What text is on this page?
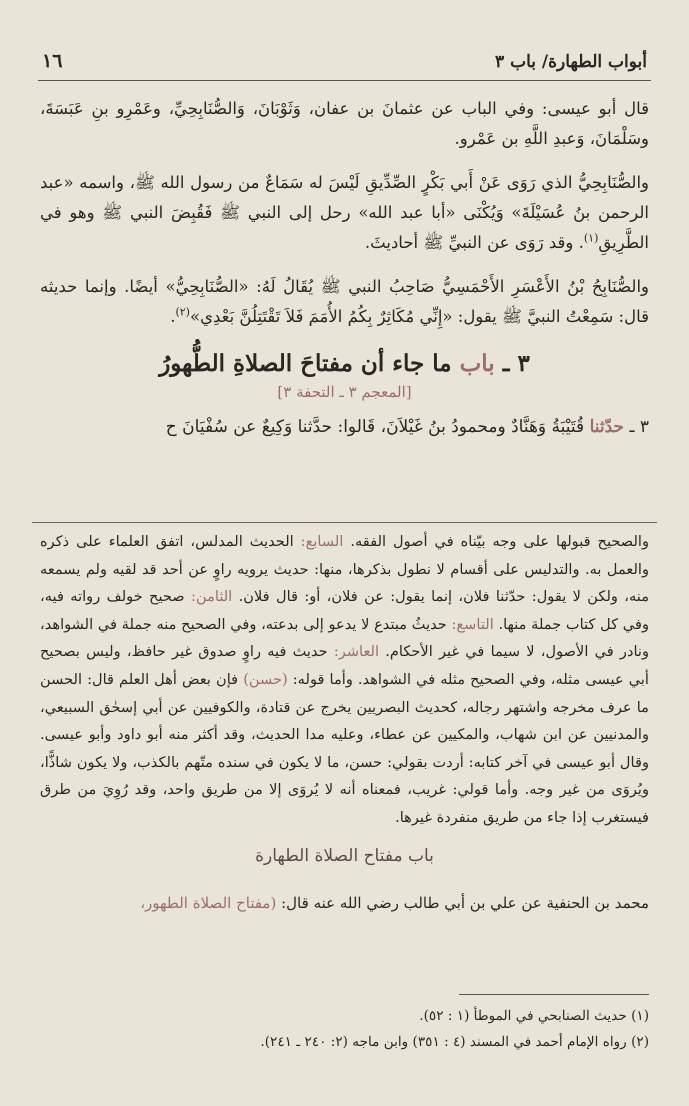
أبواب الطهارة/ باب ٣
١٦

قال أبو عيسى: وفي الباب عن عثمانَ بن عفان، وَثَوْبَانَ، وَالصُّنَابِحِيِّ، وعَمْرِو بنِ عَبَسَةَ، وسَلْمَانَ، وَعبدِ اللَّهِ بن عَمْرو.

والصُّنَابِحِيُّ الذي رَوَى عَنْ أَبي بَكْرٍ الصِّدِّيقِ لَيْسَ له سَمَاعٌ من رسول الله ﷺ، واسمه «عبد الرحمن بنُ عُسَيْلَةَ» وَيُكْنَى «أبا عبد الله» رحل إلى النبي ﷺ فَقُبِضَ النبي ﷺ وهو في الطَّرِيقِ$^{(١)}$. وقد رَوَى عن النبيِّ ﷺ أحاديثَ.

والصُّنَابِحُ بْنُ الأَعْسَرِ الأَحْمَسِيُّ صَاحِبُ النبي ﷺ يُقَالُ لَهُ: «الصُّنَابِحِيُّ» أيضًا. وإنما حديثه قال: سَمِعْتُ النبيَّ ﷺ يقول: «إِنِّي مُكَاثِرٌ بِكُمُ الأُمَمَ فَلاَ تَقْتَتِلُنَّ بَعْدِي»$^{(٢)}$.

٣ ـ باب ما جاء أن مفتاحَ الصلاةِ الطُّهورُ
[المعجم ٣ ـ التحفة ٣]

٣ ـ حدّثنا قُتَيْبَةُ وَهَنَّادٌ ومحمودُ بنُ غَيْلاَنَ، قَالوا: حدَّثنا وَكِيعٌ عن سُفْيَانَ ح

والصحيح قبولها على وجه بيّناه في أصول الفقه. السابع: الحديث المدلس، اتفق العلماء على ذكره والعمل به. والتدليس على أقسام لا نطول بذكرها، منها: حديث يرويه راوٍ عن أحد قد لقيه ولم يسمعه منه، ولكن لا يقول: حدّثنا فلان، إنما يقول: عن فلان، أو: قال فلان. الثامن: صحيح خولف رواته فيه، وفي كل كتاب جملة منها. التاسع: حديثُ مبتدع لا يدعو إلى بدعته، وفي الصحيح منه جملة في الشواهد، ونادر في الأصول، لا سيما في غير الأحكام. العاشر: حديث فيه راوٍ صدوق غير حافظ، وليس بصحيح أبي عيسى مثله، وفي الصحيح مثله في الشواهد. وأما قوله: (حسن) فإن بعض أهل العلم قال: الحسن ما عرف مخرجه واشتهر رجاله، كحديث البصريين يخرج عن قتادة، والكوفيين عن أبي إسحٰق السبيعي، والمدنيين عن ابن شهاب، والمكيين عن عطاء، وعليه مدا الحديث، وقد أكثر منه أبو داود وأبو عيسى. وقال أبو عيسى في آخر كتابه: أردت بقولي: حسن، ما لا يكون في سنده متّهم بالكذب، ولا يكون شاذًّا، ويُروَى من غير وجه. وأما قولي: غريب، فمعناه أنه لا يُروَى إلا من طريق واحد، وقد رُوِيَ من طرق فيستغرب إذا جاء من طريق منفردة غيرها.

باب مفتاح الصلاة الطهارة
محمد بن الحنفية عن علي بن أبي طالب رضي الله عنه قال: (مفتاح الصلاة الطهور،
(١) حديث الصنابحي في الموطأ (١ : ٥٢).
(٢) رواه الإمام أحمد في المسند (٤ : ٣٥١) وابن ماجه (٢: ٢٤٠ ـ ٢٤١).
